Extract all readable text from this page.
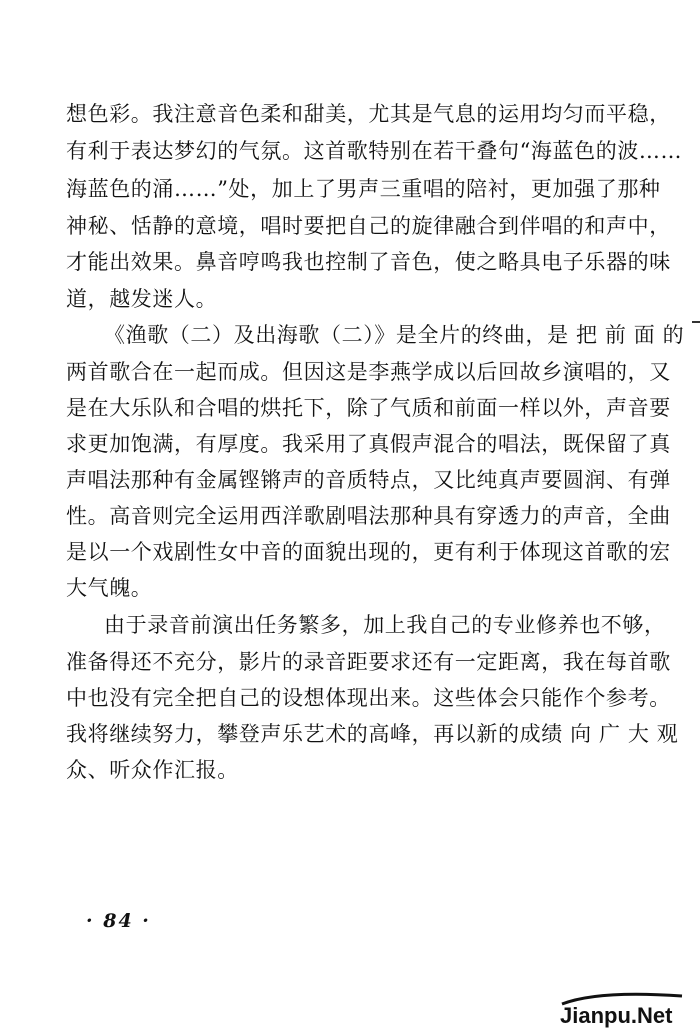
想色彩。我注意音色柔和甜美，尤其是气息的运用均匀而平稳，
有利于表达梦幻的气氛。这首歌特别在若干叠句“海蓝色的波……
海蓝色的涌……”处，加上了男声三重唱的陪衬，更加强了那种
神秘、恬静的意境，唱时要把自己的旋律融合到伴唱的和声中，
才能出效果。鼻音哼鸣我也控制了音色，使之略具电子乐器的味
道，越发迷人。
《渔歌（二）及出海歌（二）》是全片的终曲，是 把 前 面 的
两首歌合在一起而成。但因这是李燕学成以后回故乡演唱的，又
是在大乐队和合唱的烘托下，除了气质和前面一样以外，声音要
求更加饱满，有厚度。我采用了真假声混合的唱法，既保留了真
声唱法那种有金属铿锵声的音质特点，又比纯真声要圆润、有弹
性。高音则完全运用西洋歌剧唱法那种具有穿透力的声音，全曲
是以一个戏剧性女中音的面貌出现的，更有利于体现这首歌的宏
大气魄。
由于录音前演出任务繁多，加上我自己的专业修养也不够，
准备得还不充分，影片的录音距要求还有一定距离，我在每首歌
中也没有完全把自己的设想体现出来。这些体会只能作个参考。
我将继续努力，攀登声乐艺术的高峰，再以新的成绩 向 广 大 观
众、听众作汇报。
· 84 ·
Jianpu.Net
